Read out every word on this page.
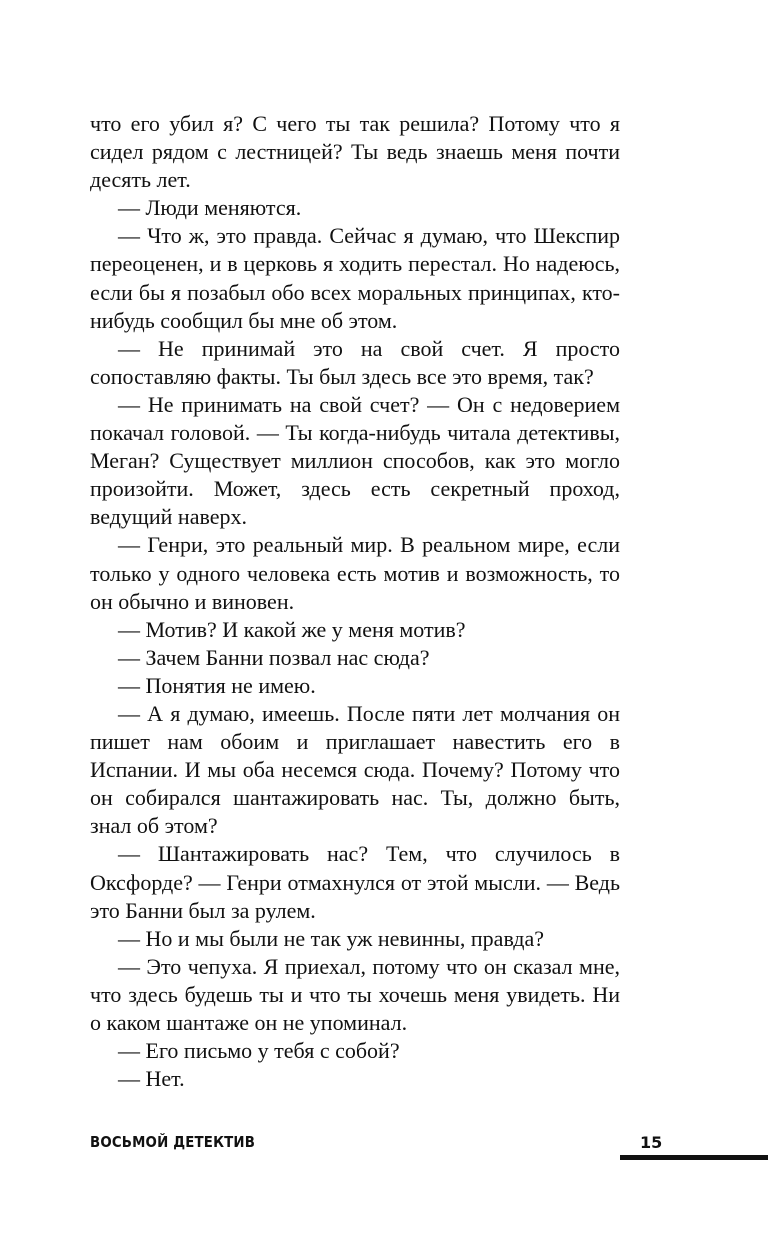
что его убил я? С чего ты так решила? Потому что я сидел рядом с лестницей? Ты ведь знаешь меня почти десять лет.

— Люди меняются.

— Что ж, это правда. Сейчас я думаю, что Шекспир переоценен, и в церковь я ходить перестал. Но надеюсь, если бы я позабыл обо всех моральных принципах, кто-нибудь сообщил бы мне об этом.

— Не принимай это на свой счет. Я просто сопоставляю факты. Ты был здесь все это время, так?

— Не принимать на свой счет? — Он с недоверием покачал головой. — Ты когда-нибудь читала детективы, Меган? Существует миллион способов, как это могло произойти. Может, здесь есть секретный проход, ведущий наверх.

— Генри, это реальный мир. В реальном мире, если только у одного человека есть мотив и возможность, то он обычно и виновен.

— Мотив? И какой же у меня мотив?

— Зачем Банни позвал нас сюда?

— Понятия не имею.

— А я думаю, имеешь. После пяти лет молчания он пишет нам обоим и приглашает навестить его в Испании. И мы оба несемся сюда. Почему? Потому что он собирался шантажировать нас. Ты, должно быть, знал об этом?

— Шантажировать нас? Тем, что случилось в Оксфорде? — Генри отмахнулся от этой мысли. — Ведь это Банни был за рулем.

— Но и мы были не так уж невинны, правда?

— Это чепуха. Я приехал, потому что он сказал мне, что здесь будешь ты и что ты хочешь меня увидеть. Ни о каком шантаже он не упоминал.

— Его письмо у тебя с собой?

— Нет.

ВОСЬМОЙ ДЕТЕКТИВ	15
